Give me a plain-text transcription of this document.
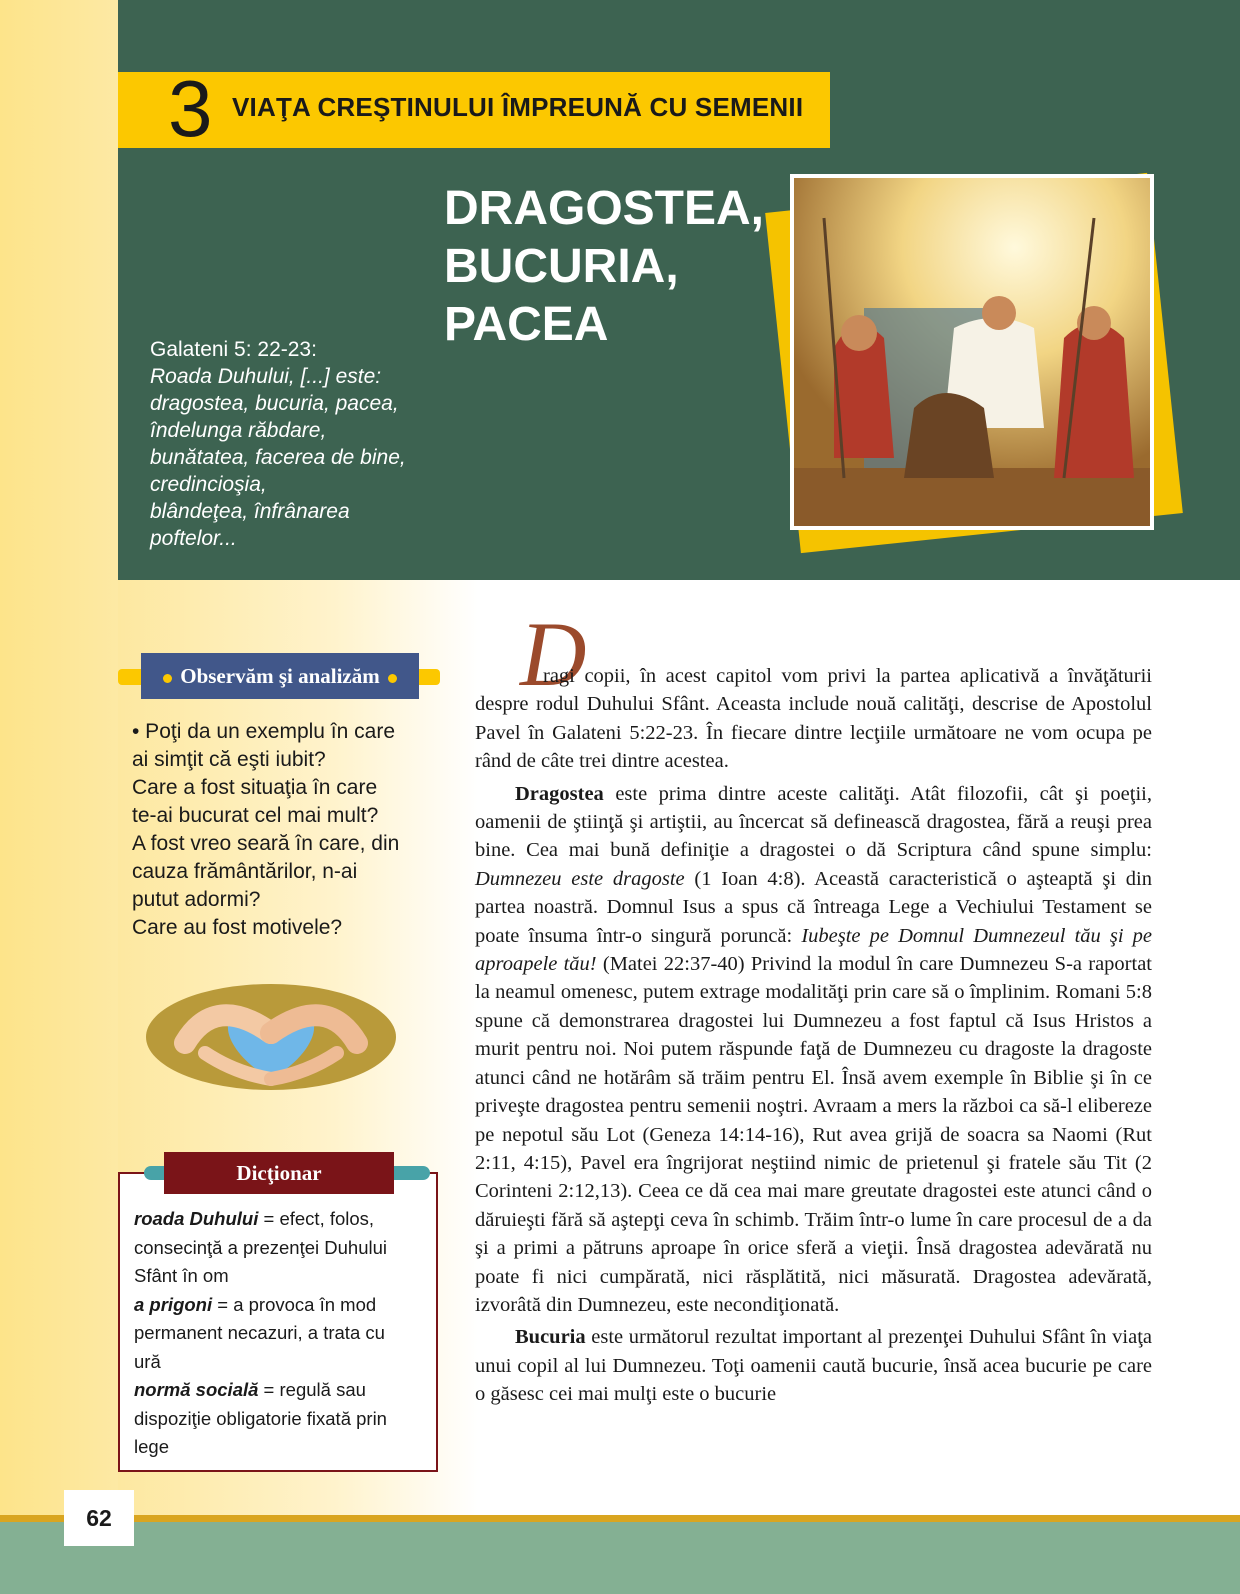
3 VIAŢA CREŞTINULUI ÎMPREUNĂ CU SEMENII
DRAGOSTEA,
BUCURIA,
PACEA
Galateni 5: 22-23:
Roada Duhului, [...] este:
dragostea, bucuria, pacea,
îndelunga răbdare,
bunătatea, facerea de bine,
credincioşia,
blândeţea, înfrânarea
poftelor...
Observăm şi analizăm
• Poţi da un exemplu în care
ai simţit că eşti iubit?
Care a fost situaţia în care
te-ai bucurat cel mai mult?
A fost vreo seară în care, din
cauza frământărilor, n-ai
putut adormi?
Care au fost motivele?
Dicţionar
roada Duhului = efect, folos,
consecinţă a prezenţei Duhului
Sfânt în om
a prigoni = a provoca în mod
permanent necazuri, a trata cu
ură
normă socială = regulă sau
dispoziţie obligatorie fixată prin
lege
D

ragi copii, în acest capitol vom privi la partea aplicativă a învăţăturii despre rodul Duhului Sfânt. Aceasta include nouă calităţi, descrise de Apostolul Pavel în Galateni 5:22-23. În fiecare dintre lecţiile următoare ne vom ocupa pe rând de câte trei dintre acestea.

Dragostea este prima dintre aceste calităţi. Atât filozofii, cât şi poeţii, oamenii de ştiinţă şi artiştii, au încercat să definească dragostea, fără a reuşi prea bine. Cea mai bună definiţie a dragostei o dă Scriptura când spune simplu: Dumnezeu este dragoste (1 Ioan 4:8). Această caracteristică o aşteaptă şi din partea noastră. Domnul Isus a spus că întreaga Lege a Vechiului Testament se poate însuma într-o singură poruncă: Iubeşte pe Domnul Dumnezeul tău şi pe aproapele tău! (Matei 22:37-40) Privind la modul în care Dumnezeu S-a raportat la neamul omenesc, putem extrage modalităţi prin care să o împlinim. Romani 5:8 spune că demonstrarea dragostei lui Dumnezeu a fost faptul că Isus Hristos a murit pentru noi. Noi putem răspunde faţă de Dumnezeu cu dragoste la dragoste atunci când ne hotărâm să trăim pentru El. Însă avem exemple în Biblie şi în ce priveşte dragostea pentru semenii noştri. Avraam a mers la război ca să-l elibereze pe nepotul său Lot (Geneza 14:14-16), Rut avea grijă de soacra sa Naomi (Rut 2:11, 4:15), Pavel era îngrijorat neştiind nimic de prietenul şi fratele său Tit (2 Corinteni 2:12,13). Ceea ce dă cea mai mare greutate dragostei este atunci când o dăruieşti fără să aştepţi ceva în schimb. Trăim într-o lume în care procesul de a da şi a primi a pătruns aproape în orice sferă a vieţii. Însă dragostea adevărată nu poate fi nici cumpărată, nici răsplătită, nici măsurată. Dragostea adevărată, izvorâtă din Dumnezeu, este necondiţionată.

Bucuria este următorul rezultat important al prezenţei Duhului Sfânt în viaţa unui copil al lui Dumnezeu. Toţi oamenii caută bucurie, însă acea bucurie pe care o găsesc cei mai mulţi este o bucurie

62
